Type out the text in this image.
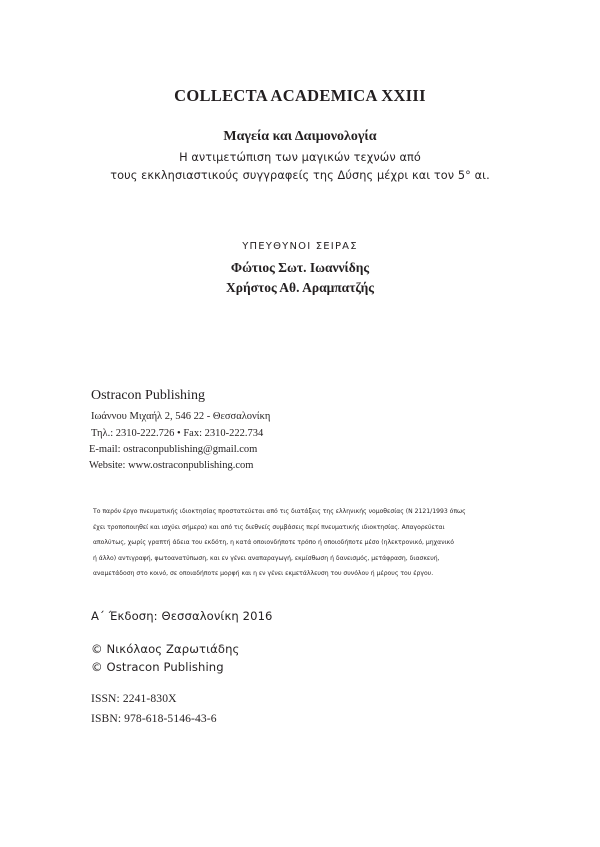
COLLECTA ACADEMICA XXIII
Μαγεία και Δαιμονολογία
Η αντιμετώπιση των μαγικών τεχνών από
τους εκκλησιαστικούς συγγραφείς της Δύσης μέχρι και τον 5° αι.
ΥΠΕΥΘΥΝΟΙ ΣΕΙΡΑΣ
Φώτιος Σωτ. Ιωαννίδης
Χρήστος Αθ. Αραμπατζής
Ostracon Publishing
Ιωάννου Μιχαήλ 2, 546 22 - Θεσσαλονίκη
Τηλ.: 2310-222.726 • Fax: 2310-222.734
E-mail: ostraconpublishing@gmail.com
Website: www.ostraconpublishing.com
Το παρόν έργο πνευματικής ιδιοκτησίας προστατεύεται από τις διατάξεις της ελληνικής νομοθεσίας (Ν 2121/1993 όπως
έχει τροποποιηθεί και ισχύει σήμερα) και από τις διεθνείς συμβάσεις περί πνευματικής ιδιοκτησίας. Απαγορεύεται
απολύτως, χωρίς γραπτή άδεια του εκδότη, η κατά οποιονδήποτε τρόπο ή οποιοδήποτε μέσο (ηλεκτρονικό, μηχανικό
ή άλλο) αντιγραφή, φωτοανατύπωση, και εν γένει αναπαραγωγή, εκμίσθωση ή δανεισμός, μετάφραση, διασκευή,
αναμετάδοση στο κοινό, σε οποιαδήποτε μορφή και η εν γένει εκμετάλλευση του συνόλου ή μέρους του έργου.
Α΄ Έκδοση: Θεσσαλονίκη 2016
© Νικόλαος Ζαρωτιάδης
© Ostracon Publishing
ISSN: 2241-830X
ISBN: 978-618-5146-43-6
